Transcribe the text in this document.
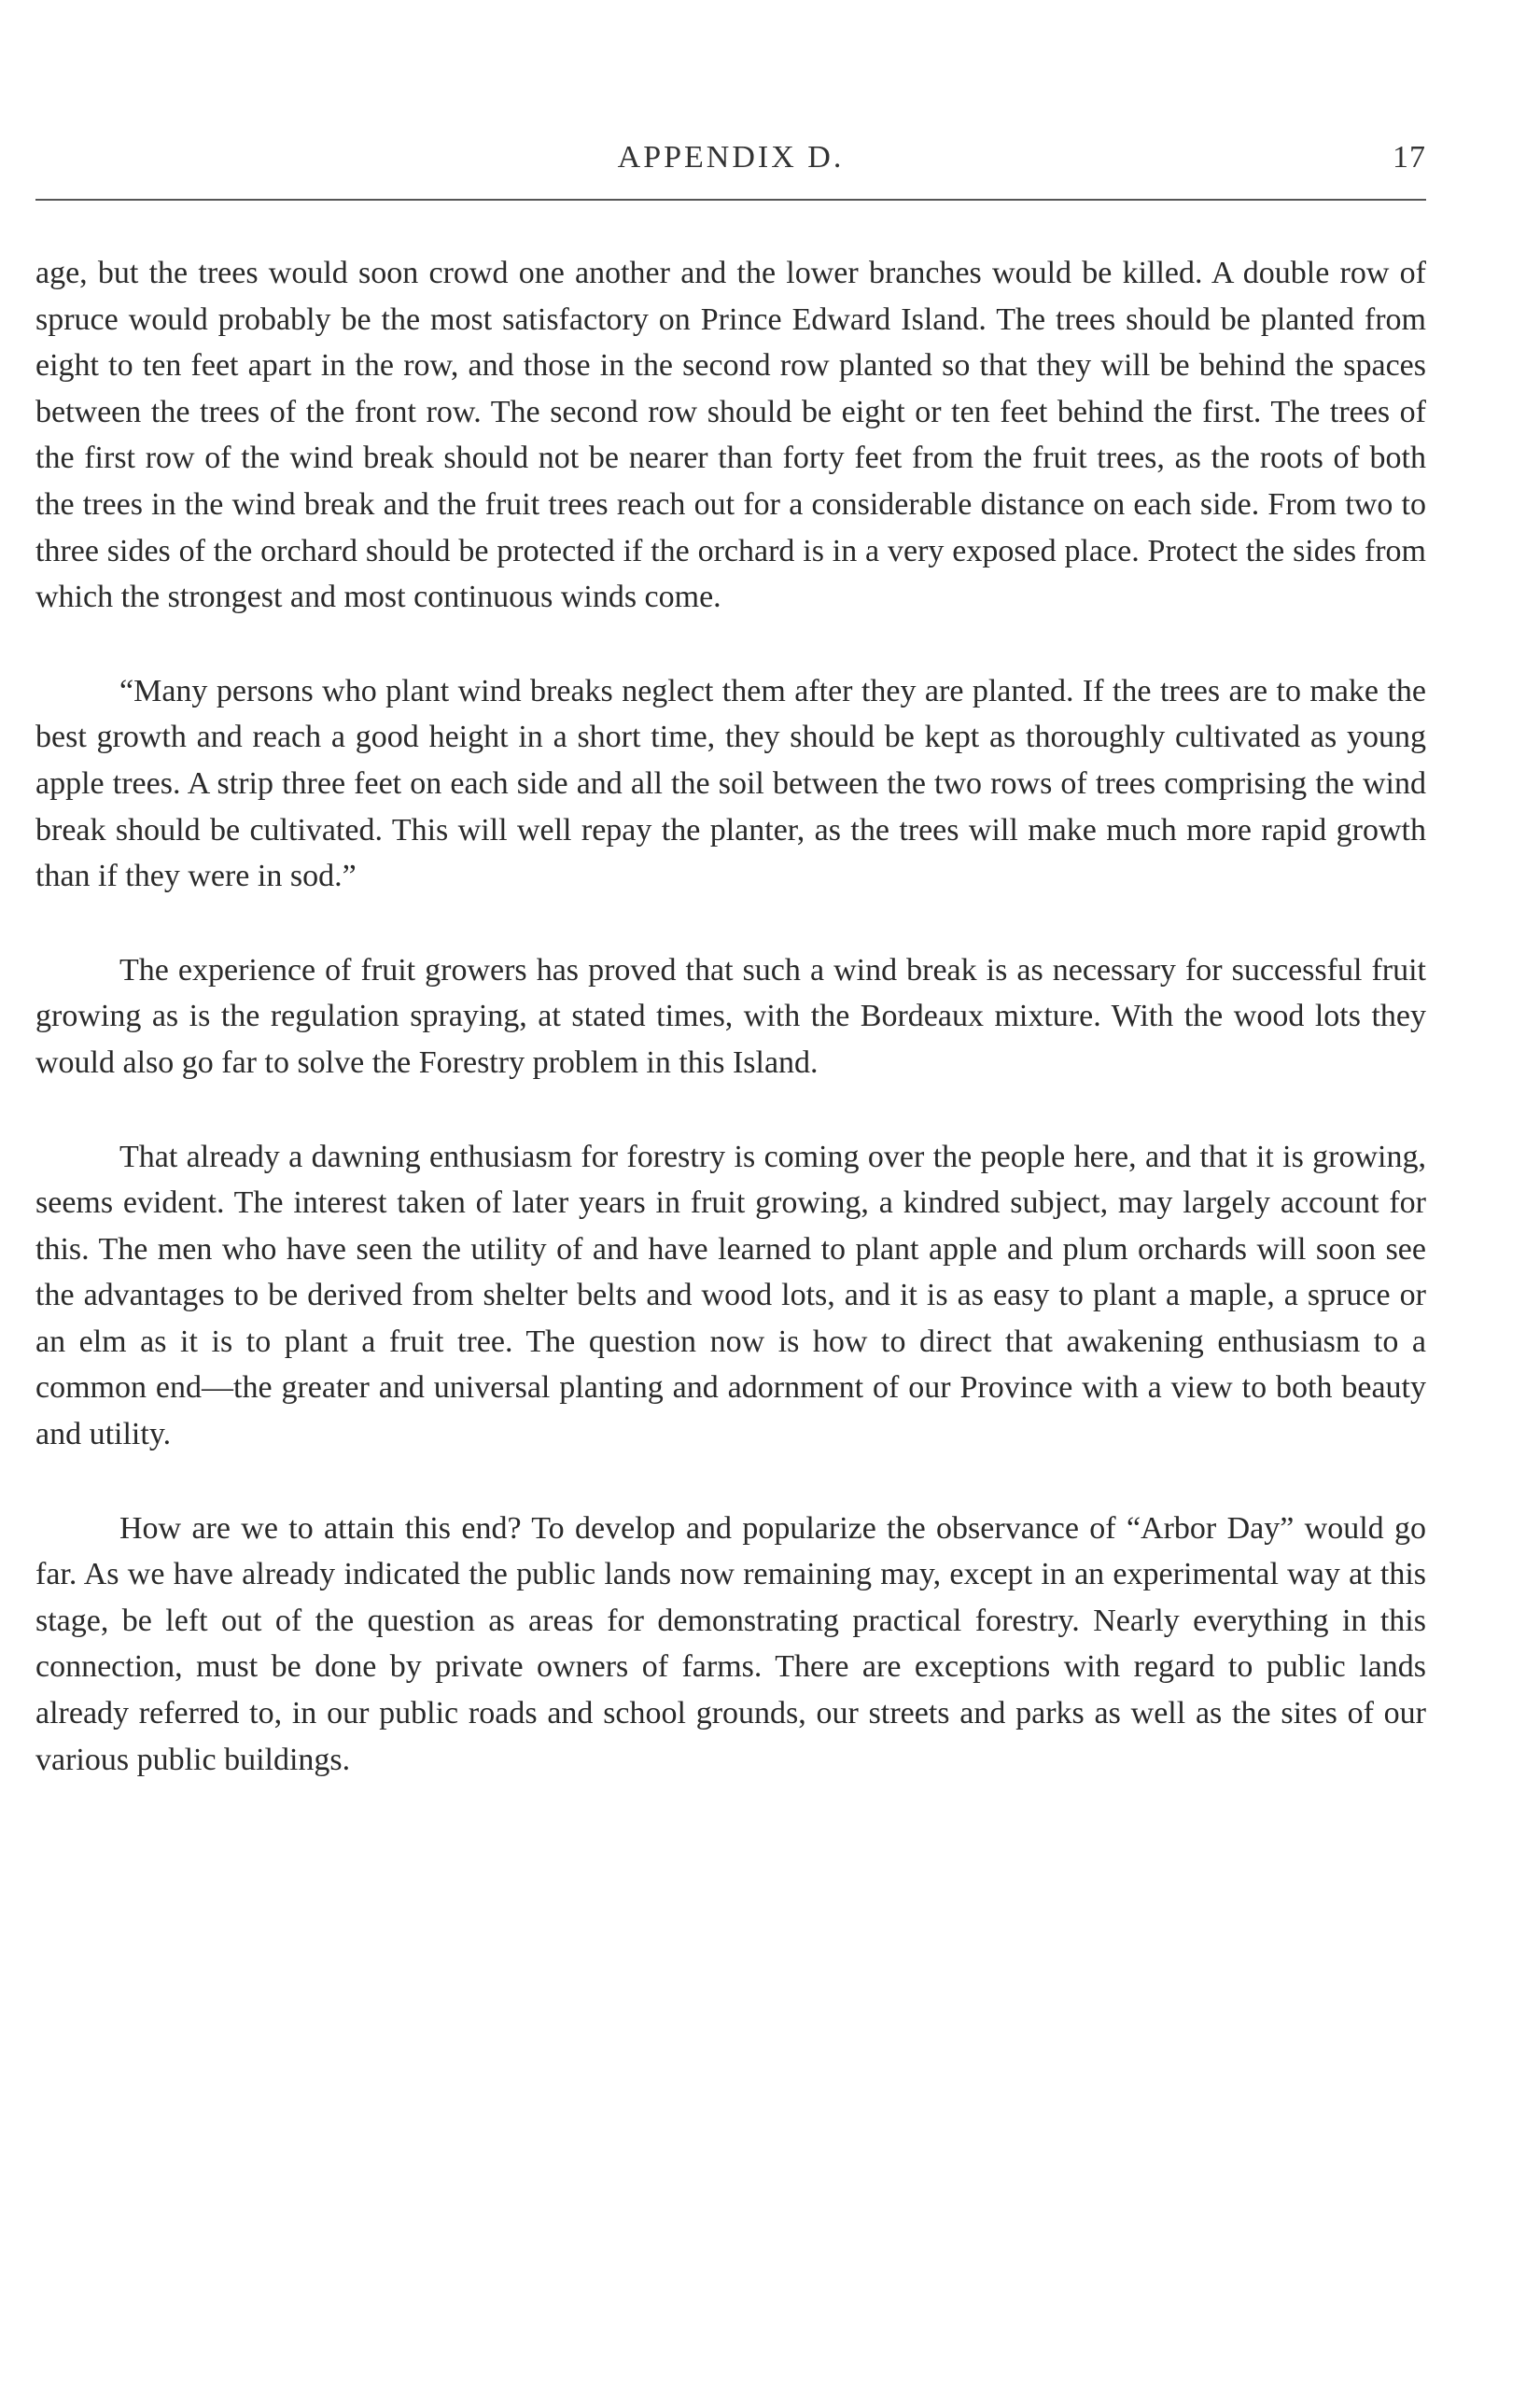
APPENDIX D.	17

age, but the trees would soon crowd one another and the lower branches would be killed. A double row of spruce would probably be the most satisfactory on Prince Edward Island. The trees should be planted from eight to ten feet apart in the row, and those in the second row planted so that they will be behind the spaces between the trees of the front row. The second row should be eight or ten feet behind the first. The trees of the first row of the wind break should not be nearer than forty feet from the fruit trees, as the roots of both the trees in the wind break and the fruit trees reach out for a considerable distance on each side. From two to three sides of the orchard should be protected if the orchard is in a very exposed place. Protect the sides from which the strongest and most continuous winds come.

“Many persons who plant wind breaks neglect them after they are planted. If the trees are to make the best growth and reach a good height in a short time, they should be kept as thoroughly cultivated as young apple trees. A strip three feet on each side and all the soil between the two rows of trees comprising the wind break should be cultivated. This will well repay the planter, as the trees will make much more rapid growth than if they were in sod.”

The experience of fruit growers has proved that such a wind break is as necessary for successful fruit growing as is the regulation spraying, at stated times, with the Bordeaux mixture. With the wood lots they would also go far to solve the Forestry problem in this Island.

That already a dawning enthusiasm for forestry is coming over the people here, and that it is growing, seems evident. The interest taken of later years in fruit growing, a kindred subject, may largely account for this. The men who have seen the utility of and have learned to plant apple and plum orchards will soon see the advantages to be derived from shelter belts and wood lots, and it is as easy to plant a maple, a spruce or an elm as it is to plant a fruit tree. The question now is how to direct that awakening enthusiasm to a common end—the greater and universal planting and adornment of our Province with a view to both beauty and utility.

How are we to attain this end? To develop and popularize the observance of “Arbor Day” would go far. As we have already indicated the public lands now remaining may, except in an experimental way at this stage, be left out of the question as areas for demonstrating practical forestry. Nearly everything in this connection, must be done by private owners of farms. There are exceptions with regard to public lands already referred to, in our public roads and school grounds, our streets and parks as well as the sites of our various public buildings.
